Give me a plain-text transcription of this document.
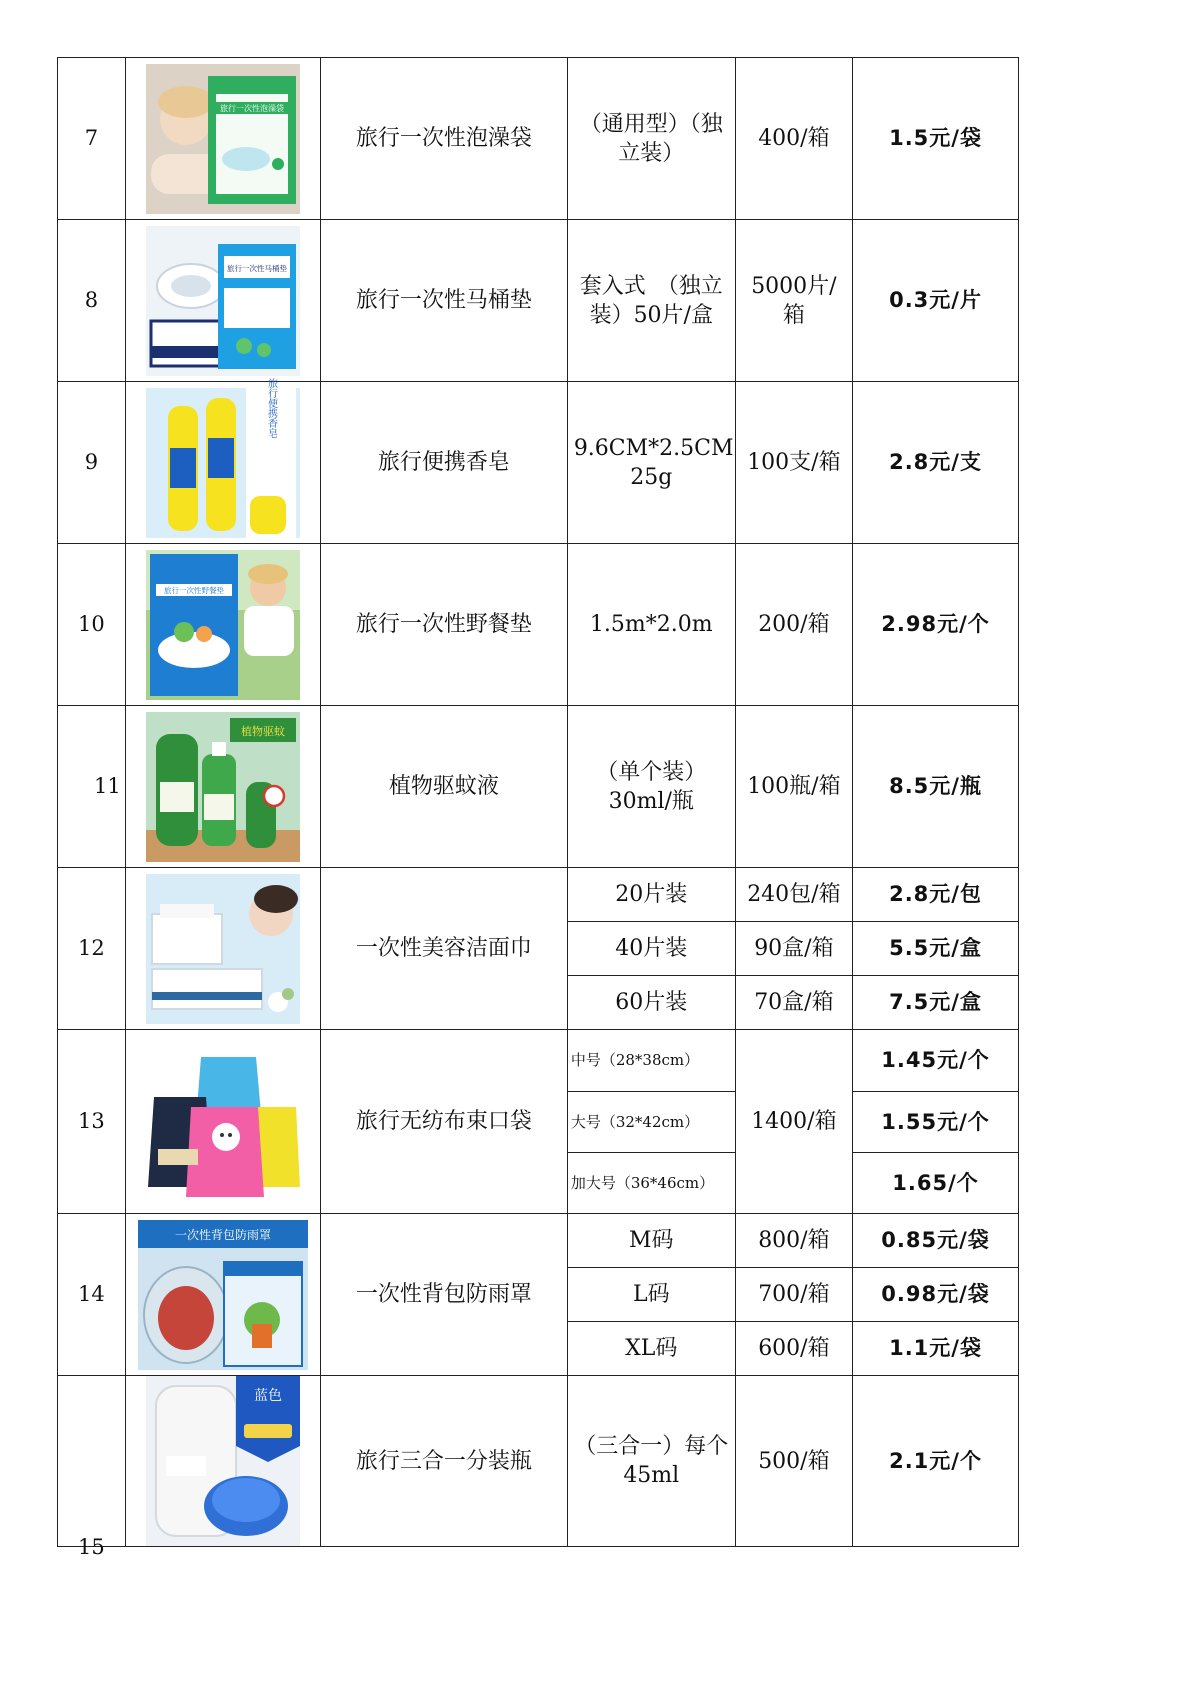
7	旅行一次性泡澡袋	旅行一次性泡澡袋	（通用型）（独立装）	400/箱	1.5元/袋
8	旅行一次性马桶垫	旅行一次性马桶垫	套入式　（独立装）50片/盒	5000片/箱	0.3元/片
9	旅行便携香皂	旅行便携香皂	9.6CM*2.5CM 25g	100支/箱	2.8元/支
10	旅行一次性野餐垫	旅行一次性野餐垫	1.5m*2.0m	200/箱	2.98元/个
11	植物驱蚊	植物驱蚊液	（单个装）30ml/瓶	100瓶/箱	8.5元/瓶
12		一次性美容洁面巾	20片装	240包/箱	2.8元/包
			40片装	90盒/箱	5.5元/盒
			60片装	70盒/箱	7.5元/盒
13		旅行无纺布束口袋	中号（28*38cm）	1400/箱	1.45元/个
			大号（32*42cm）		1.55元/个
			加大号（36*46cm）		1.65/个
14	一次性背包防雨罩	一次性背包防雨罩	M码	800/箱	0.85元/袋
			L码	700/箱	0.98元/袋
			XL码	600/箱	1.1元/袋
15	蓝色	旅行三合一分装瓶	（三合一）每个45ml	500/箱	2.1元/个
